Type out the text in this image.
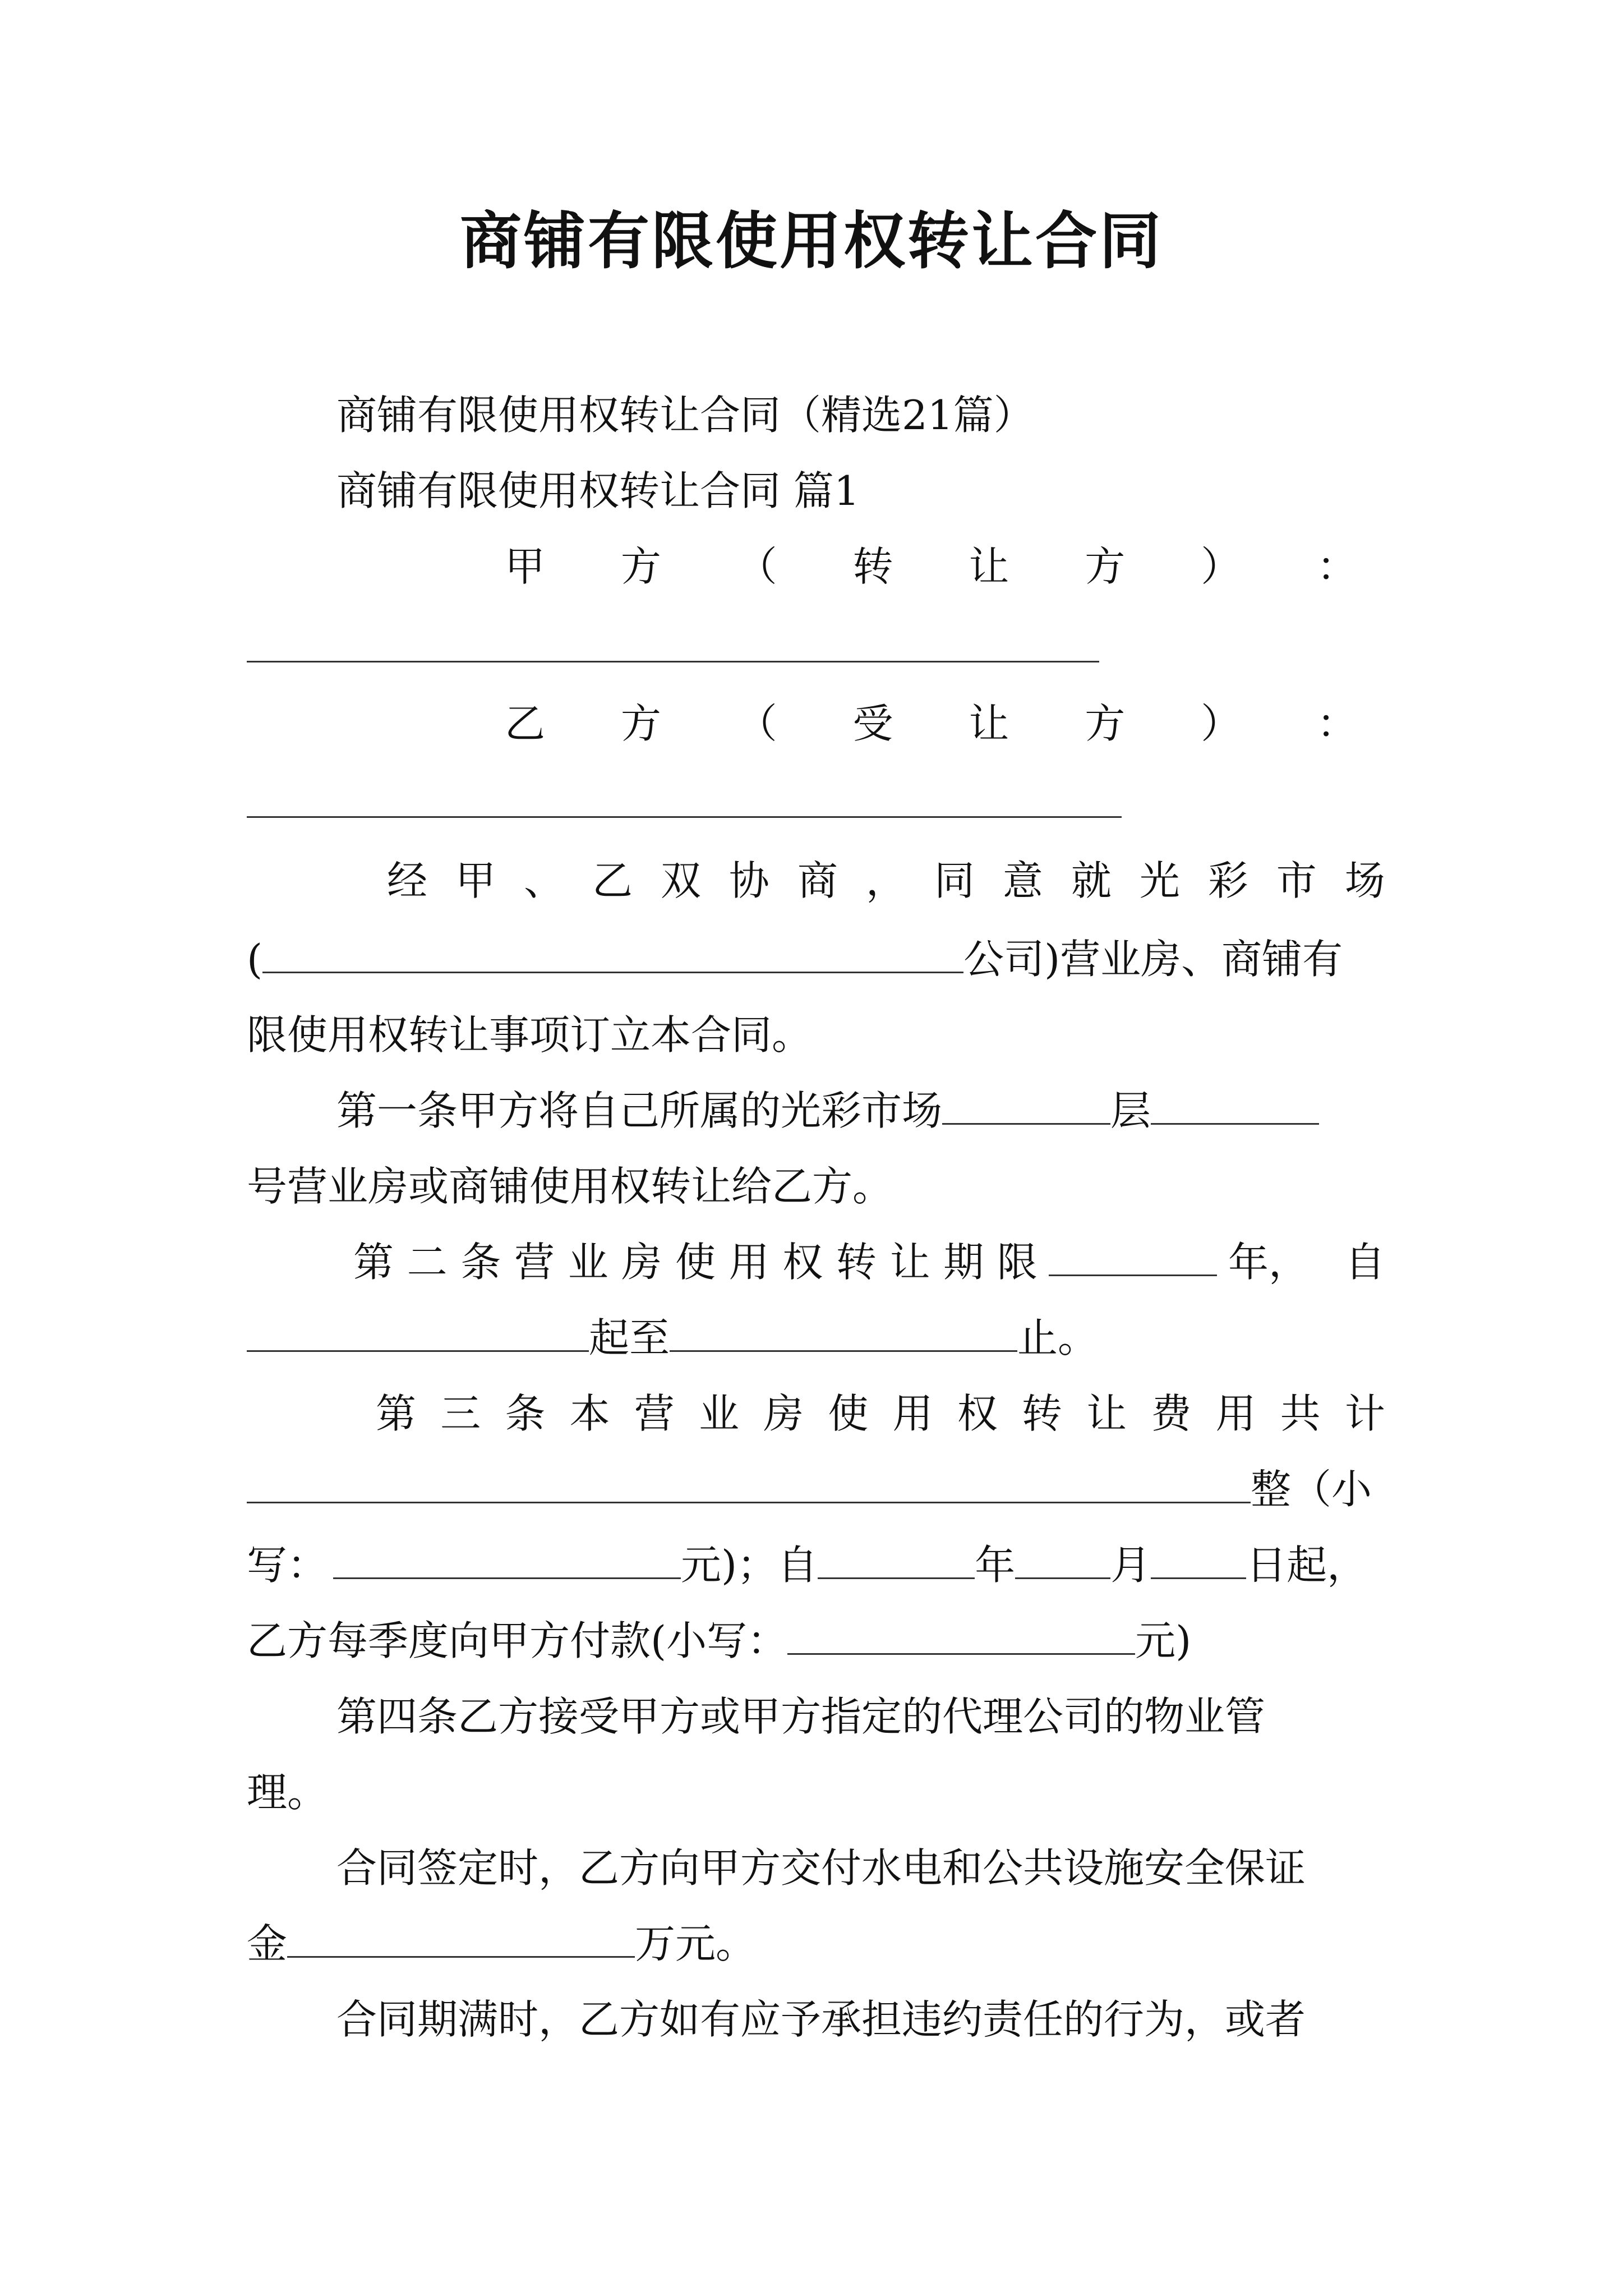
商铺有限使用权转让合同
商铺有限使用权转让合同（精选21篇）
商铺有限使用权转让合同 篇1
甲 方 （ 转 让 方 ） ：
乙 方 （ 受 让 方 ） ：
经 甲 、 乙 双 协 商 ， 同 意 就 光 彩 市 场
(	公司)营业房、商铺有
限使用权转让事项订立本合同。
第一条甲方将自己所属的光彩市场	层
号营业房或商铺使用权转让给乙方。
第 二 条 营 业 房 使 用 权 转 让 期 限	年， 自
起至	止。
第 三 条 本 营 业 房 使 用 权 转 让 费 用 共 计
整（小
写：	元)；自	年 月 日起，
乙方每季度向甲方付款(小写：	元)
第四条乙方接受甲方或甲方指定的代理公司的物业管
理。
合同签定时，乙方向甲方交付水电和公共设施安全保证
金	万元。
合同期满时，乙方如有应予承担违约责任的行为，或者
